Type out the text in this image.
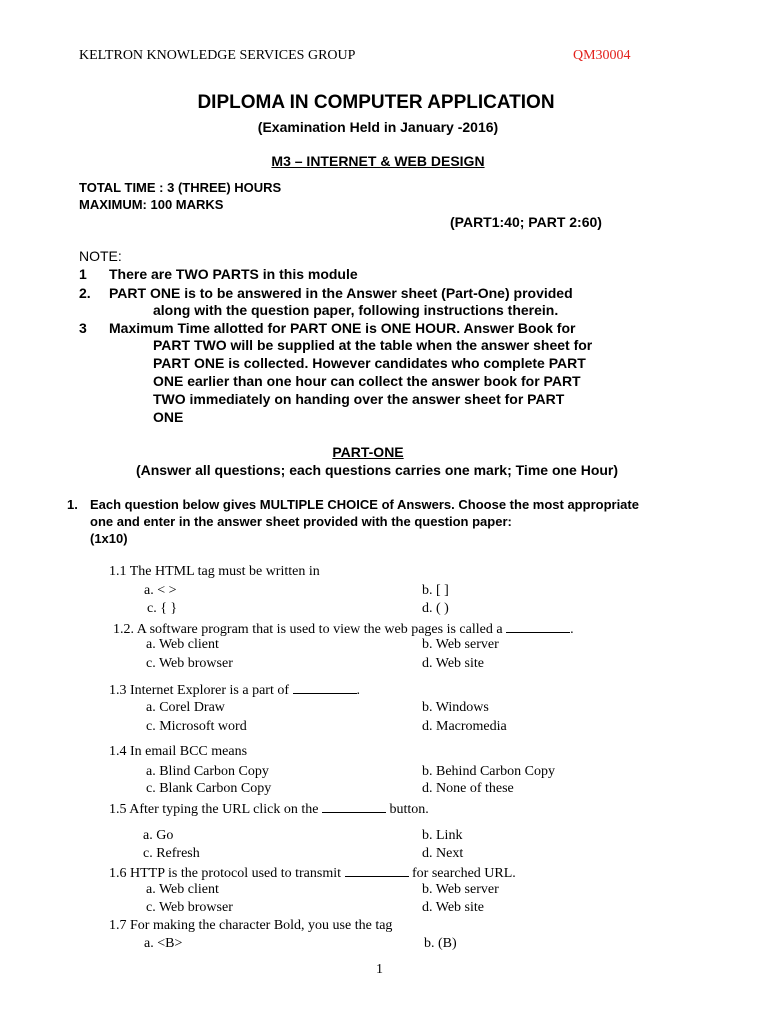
KELTRON KNOWLEDGE SERVICES GROUP	QM30004
DIPLOMA IN COMPUTER APPLICATION
(Examination Held in January -2016)
M3 – INTERNET & WEB DESIGN
TOTAL TIME : 3 (THREE) HOURS
MAXIMUM: 100 MARKS
(PART1:40; PART 2:60)
NOTE:
1 There are TWO PARTS in this module
2. PART ONE is to be answered in the Answer sheet (Part-One) provided
along with the question paper, following instructions therein.
3 Maximum Time allotted for PART ONE is ONE HOUR. Answer Book for
PART TWO will be supplied at the table when the answer sheet for
PART ONE is collected. However candidates who complete PART
ONE earlier than one hour can collect the answer book for PART
TWO immediately on handing over the answer sheet for PART
ONE
PART-ONE
(Answer all questions; each questions carries one mark; Time one Hour)
1. Each question below gives MULTIPLE CHOICE of Answers. Choose the most appropriate
one and enter in the answer sheet provided with the question paper:
(1x10)
1.1 The HTML tag must be written in
a. < >	b. [ ]
c. { }	d. ( )
1.2. A software program that is used to view the web pages is called a	.
a. Web client	b. Web server
c. Web browser	d. Web site
1.3 Internet Explorer is a part of	.
a. Corel Draw	b. Windows
c. Microsoft word	d. Macromedia
1.4 In email BCC means
a. Blind Carbon Copy	b. Behind Carbon Copy
c. Blank Carbon Copy	d. None of these
1.5 After typing the URL click on the	button.
a. Go	b. Link
c. Refresh	d. Next
1.6 HTTP is the protocol used to transmit	for searched URL.
a. Web client	b. Web server
c. Web browser	d. Web site
1.7 For making the character Bold, you use the tag
a. <B>	b. (B)
1
